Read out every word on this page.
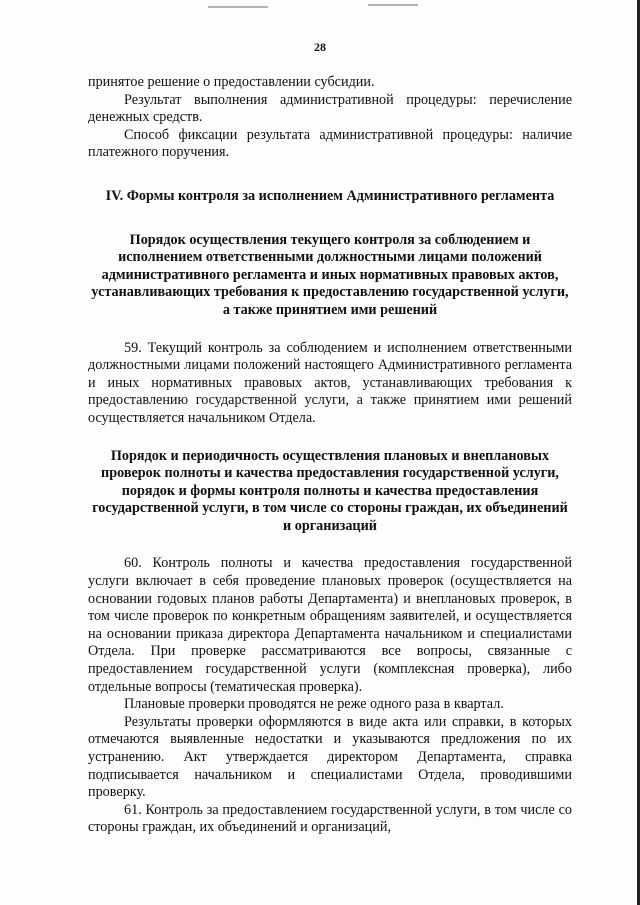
28

принятое решение о предоставлении субсидии.

Результат выполнения административной процедуры: перечисление денежных средств.

Способ фиксации результата административной процедуры: наличие платежного поручения.

IV. Формы контроля за исполнением Административного регламента
Порядок осуществления текущего контроля за соблюдением и исполнением ответственными должностными лицами положений административного регламента и иных нормативных правовых актов, устанавливающих требования к предоставлению государственной услуги, а также принятием ими решений

59. Текущий контроль за соблюдением и исполнением ответственными должностными лицами положений настоящего Административного регламента и иных нормативных правовых актов, устанавливающих требования к предоставлению государственной услуги, а также принятием ими решений осуществляется начальником Отдела.

Порядок и периодичность осуществления плановых и внеплановых проверок полноты и качества предоставления государственной услуги, порядок и формы контроля полноты и качества предоставления государственной услуги, в том числе со стороны граждан, их объединений и организаций

60. Контроль полноты и качества предоставления государственной услуги включает в себя проведение плановых проверок (осуществляется на основании годовых планов работы Департамента) и внеплановых проверок, в том числе проверок по конкретным обращениям заявителей, и осуществляется на основании приказа директора Департамента начальником и специалистами Отдела. При проверке рассматриваются все вопросы, связанные с предоставлением государственной услуги (комплексная проверка), либо отдельные вопросы (тематическая проверка).

Плановые проверки проводятся не реже одного раза в квартал.

Результаты проверки оформляются в виде акта или справки, в которых отмечаются выявленные недостатки и указываются предложения по их устранению. Акт утверждается директором Департамента, справка подписывается начальником и специалистами Отдела, проводившими проверку.

61. Контроль за предоставлением государственной услуги, в том числе со стороны граждан, их объединений и организаций,
